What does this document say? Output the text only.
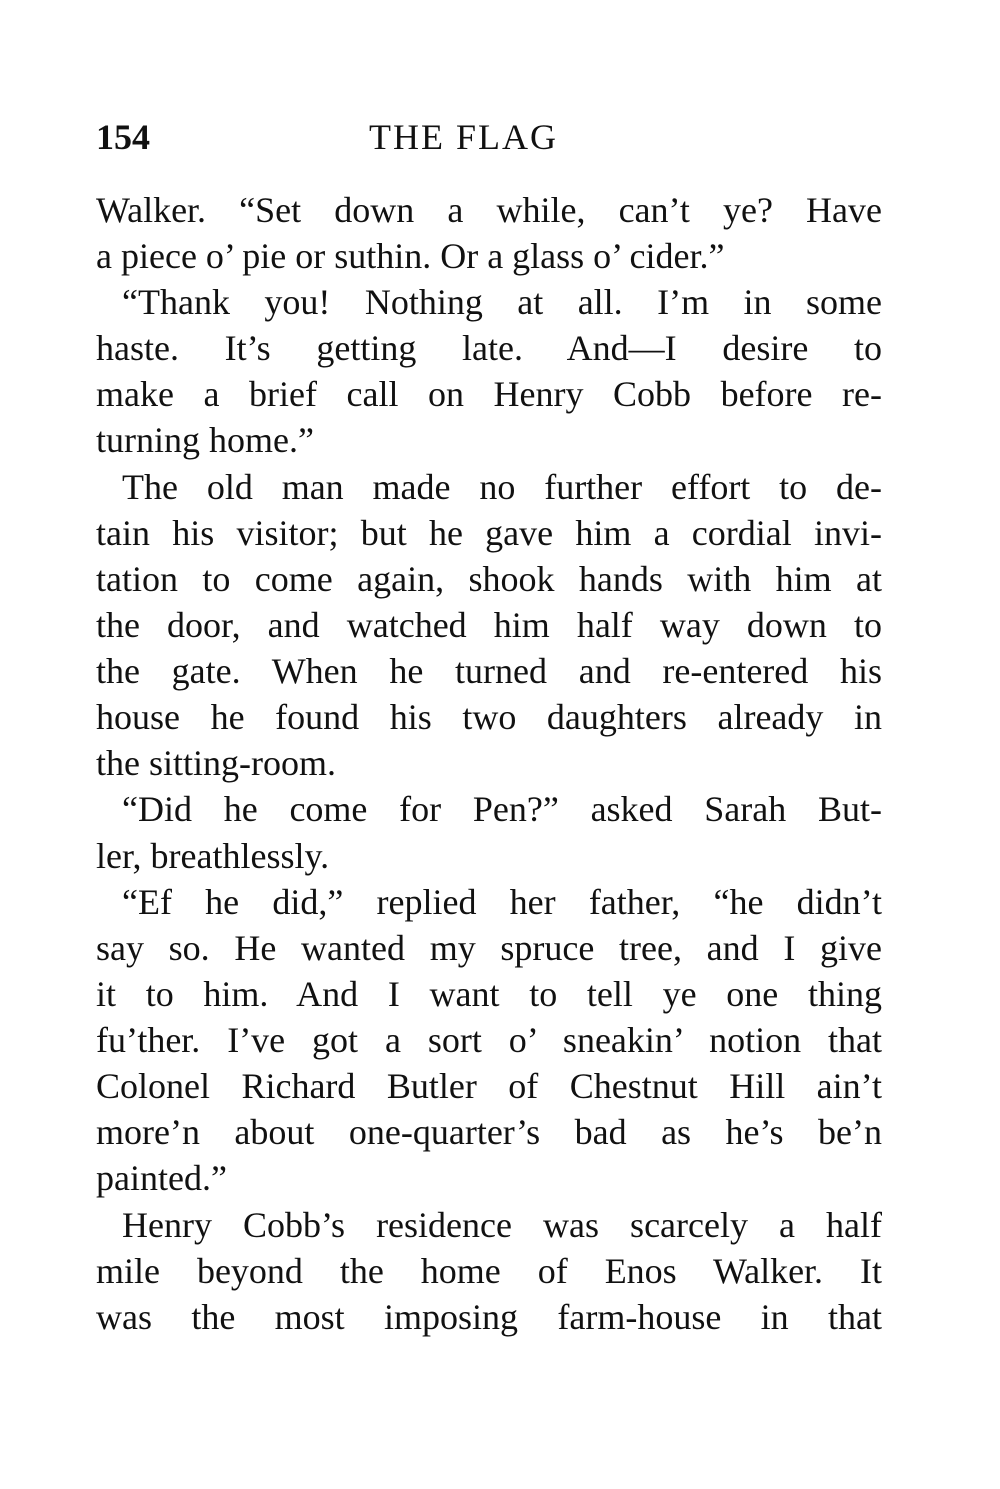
154	THE FLAG
Walker. “Set down a while, can’t ye? Have
a piece o’ pie or suthin. Or a glass o’ cider.”
“Thank you! Nothing at all. I’m in some
haste. It’s getting late. And—I desire to
make a brief call on Henry Cobb before re-
turning home.”
The old man made no further effort to de-
tain his visitor; but he gave him a cordial invi-
tation to come again, shook hands with him at
the door, and watched him half way down to
the gate. When he turned and re-entered his
house he found his two daughters already in
the sitting-room.
“Did he come for Pen?” asked Sarah But-
ler, breathlessly.
“Ef he did,” replied her father, “he didn’t
say so. He wanted my spruce tree, and I give
it to him. And I want to tell ye one thing
fu’ther. I’ve got a sort o’ sneakin’ notion that
Colonel Richard Butler of Chestnut Hill ain’t
more’n about one-quarter’s bad as he’s be’n
painted.”
Henry Cobb’s residence was scarcely a half
mile beyond the home of Enos Walker. It
was the most imposing farm-house in that
